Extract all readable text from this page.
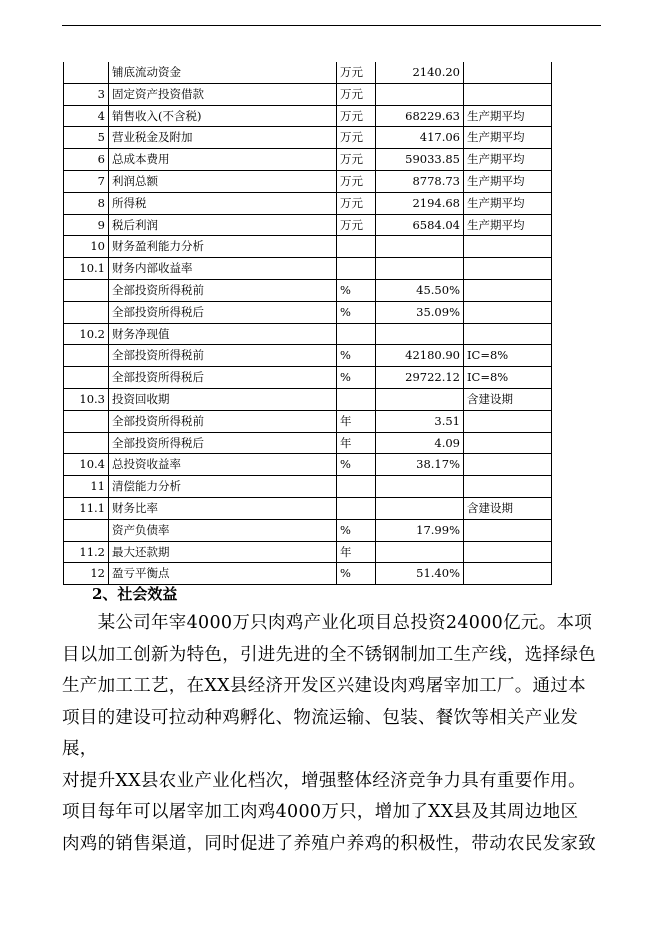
	铺底流动资金	万元	2140.20	
3	固定资产投资借款	万元		
4	销售收入(不含税)	万元	68229.63	生产期平均
5	营业税金及附加	万元	417.06	生产期平均
6	总成本费用	万元	59033.85	生产期平均
7	利润总额	万元	8778.73	生产期平均
8	所得税	万元	2194.68	生产期平均
9	税后利润	万元	6584.04	生产期平均
10	财务盈利能力分析			
10.1	财务内部收益率			
	全部投资所得税前	%	45.50%	
	全部投资所得税后	%	35.09%	
10.2	财务净现值			
	全部投资所得税前	%	42180.90	IC=8%
	全部投资所得税后	%	29722.12	IC=8%
10.3	投资回收期			含建设期
	全部投资所得税前	年	3.51	
	全部投资所得税后	年	4.09	
10.4	总投资收益率	%	38.17%	
11	清偿能力分析			
11.1	财务比率			含建设期
	资产负债率	%	17.99%	
11.2	最大还款期	年		
12	盈亏平衡点	%	51.40%	
2、社会效益

　　某公司年宰4000万只肉鸡产业化项目总投资24000亿元。本项

目以加工创新为特色，引进先进的全不锈钢制加工生产线，选择绿色

生产加工工艺，在XX县经济开发区兴建设肉鸡屠宰加工厂。通过本

项目的建设可拉动种鸡孵化、物流运输、包装、餐饮等相关产业发展，

对提升XX县农业产业化档次，增强整体经济竞争力具有重要作用。

项目每年可以屠宰加工肉鸡4000万只，增加了XX县及其周边地区

肉鸡的销售渠道，同时促进了养殖户养鸡的积极性，带动农民发家致
